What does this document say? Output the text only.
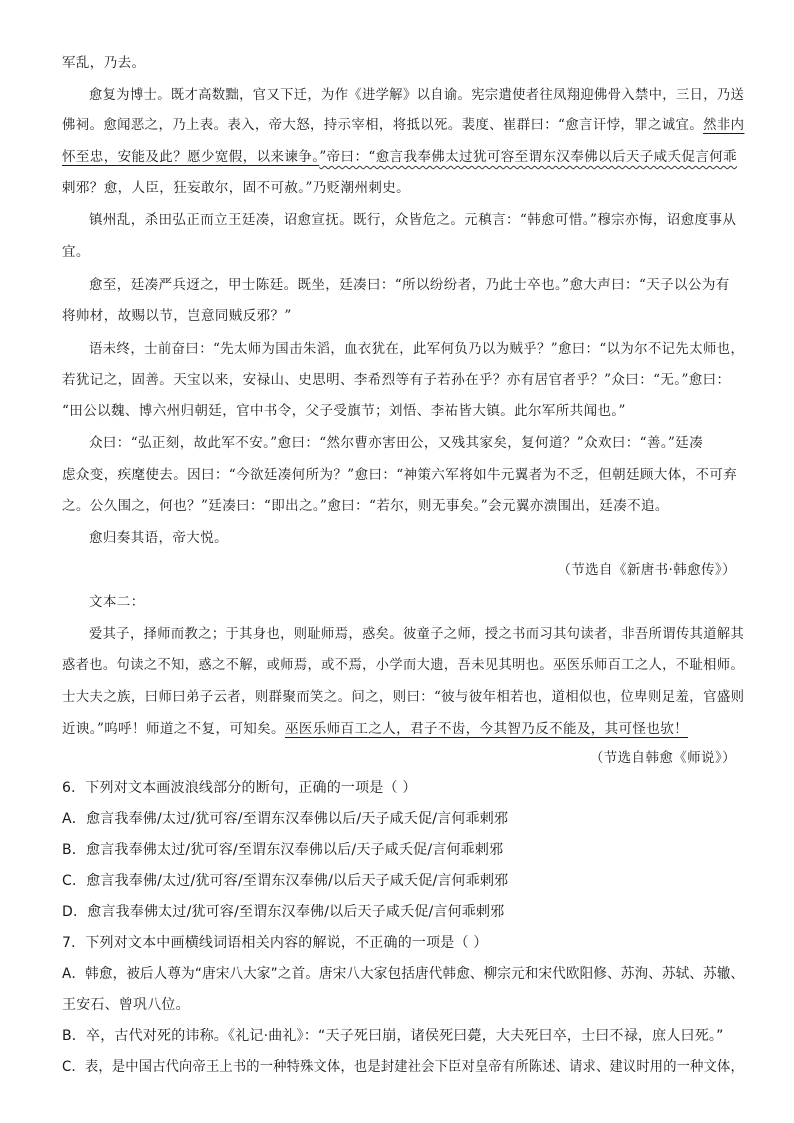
军乱，乃去。
愈复为博士。既才高数黜，官又下迁，为作《进学解》以自谕。宪宗遣使者往凤翔迎佛骨入禁中，三日，乃送
佛祠。愈闻恶之，乃上表。表入，帝大怒，持示宰相，将抵以死。裴度、崔群曰：“愈言讦悖，罪之诚宜。然非内
怀至忠，安能及此？愿少宽假，以来谏争。”帝曰：“愈言我奉佛太过犹可容至谓东汉奉佛以后天子咸夭促言何乖
剌邪？愈，人臣，狂妄敢尔，固不可赦。”乃贬潮州刺史。
镇州乱，杀田弘正而立王廷凑，诏愈宣抚。既行，众皆危之。元稹言：“韩愈可惜。”穆宗亦悔，诏愈度事从
宜。
愈至，廷凑严兵迓之，甲士陈廷。既坐，廷凑曰：“所以纷纷者，乃此士卒也。”愈大声曰：“天子以公为有
将帅材，故赐以节，岂意同贼反邪？”
语未终，士前奋曰：“先太师为国击朱滔，血衣犹在，此军何负乃以为贼乎？”愈曰：“以为尔不记先太师也，
若犹记之，固善。天宝以来，安禄山、史思明、李希烈等有子若孙在乎？亦有居官者乎？”众曰：“无。”愈曰：
“田公以魏、博六州归朝廷，官中书令，父子受旗节；刘悟、李祐皆大镇。此尔军所共闻也。”
众曰：“弘正刻，故此军不安。”愈曰：“然尔曹亦害田公，又残其家矣，复何道？”众欢曰：“善。”廷凑
虑众变，疾麾使去。因曰：“今欲廷凑何所为？”愈曰：“神策六军将如牛元翼者为不乏，但朝廷顾大体，不可弃
之。公久围之，何也？”廷凑曰：“即出之。”愈曰：“若尔，则无事矣。”会元翼亦溃围出，廷凑不追。
愈归奏其语，帝大悦。
（节选自《新唐书·韩愈传》）
文本二：
爱其子，择师而教之；于其身也，则耻师焉，惑矣。彼童子之师，授之书而习其句读者，非吾所谓传其道解其
惑者也。句读之不知，惑之不解，或师焉，或不焉，小学而大遗，吾未见其明也。巫医乐师百工之人，不耻相师。
士大夫之族，曰师曰弟子云者，则群聚而笑之。问之，则曰：“彼与彼年相若也，道相似也，位卑则足羞，官盛则
近谀。”呜呼！师道之不复，可知矣。巫医乐师百工之人，君子不齿，今其智乃反不能及，其可怪也欤！
（节选自韩愈《师说》）
6．下列对文本画波浪线部分的断句，正确的一项是（ ）
A．愈言我奉佛/太过/犹可容/至谓东汉奉佛以后/天子咸夭促/言何乖剌邪
B．愈言我奉佛太过/犹可容/至谓东汉奉佛以后/天子咸夭促/言何乖剌邪
C．愈言我奉佛/太过/犹可容/至谓东汉奉佛/以后天子咸夭促/言何乖剌邪
D．愈言我奉佛太过/犹可容/至谓东汉奉佛/以后天子咸夭促/言何乖剌邪
7．下列对文本中画横线词语相关内容的解说，不正确的一项是（ ）
A．韩愈，被后人尊为“唐宋八大家”之首。唐宋八大家包括唐代韩愈、柳宗元和宋代欧阳修、苏洵、苏轼、苏辙、
王安石、曾巩八位。
B．卒，古代对死的讳称。《礼记·曲礼》：“天子死曰崩，诸侯死曰薨，大夫死曰卒，士曰不禄，庶人曰死。”
C．表，是中国古代向帝王上书的一种特殊文体，也是封建社会下臣对皇帝有所陈述、请求、建议时用的一种文体，
